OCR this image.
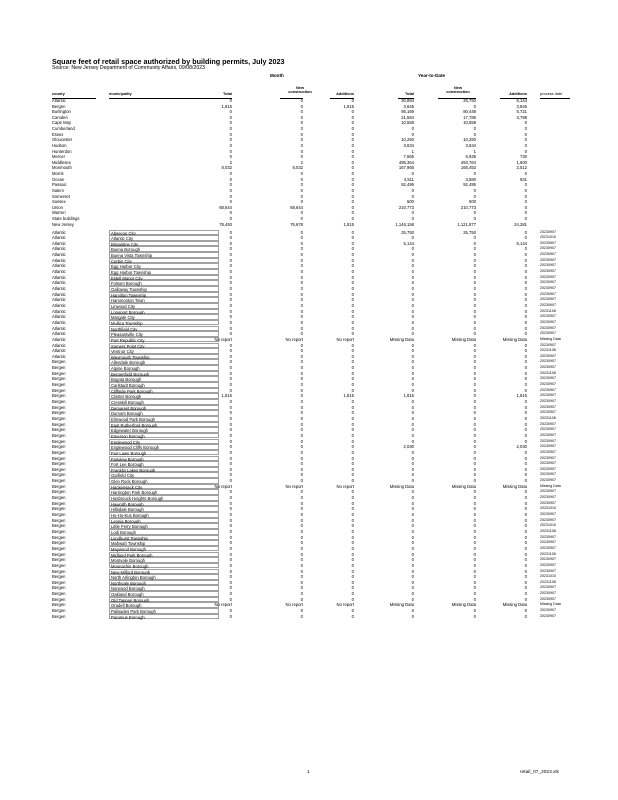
Square feet of retail space authorized by building permits, July 2023
Source: New Jersey Department of Community Affairs, 09/08/2023
Month	Year-to-Date
county	municipality	Total
New
construction	Additions	Total
New
construction	Additions	process date
Atlantic	0	0	0	30,894	25,750	5,144
Bergen	1,815	0	1,815	3,845	0	3,845
Burlington	0	0	0	86,169	80,448	5,721
Camden	0	0	0	21,584	17,786	3,798
Cape May	0	0	0	10,558	10,558	0
Cumberland	0	0	0	0	0	0
Essex	0	0	0	0	0	0
Gloucester	0	0	0	10,260	10,260	0
Hudson	0	0	0	3,634	3,634	0
Hunterdon	0	0	0	1	1	0
Mercer	0	0	0	7,665	6,935	730
Middlesex	2	2	0	495,364	493,764	1,600
Monmouth	8,032	8,032	0	167,965	165,453	2,512
Morris	0	0	0	0	0	0
Ocean	0	0	0	4,511	3,580	931
Passaic	0	0	0	92,495	92,495	0
Salem	0	0	0	0	0	0
Somerset	0	0	0	0	0	0
Sussex	0	0	0	500	500	0
Union	68,644	68,644	0	210,773	210,773	0
Warren	0	0	0	0	0	0
State buildings	0	0	0	0	0	0
New Jersey	78,493	76,678	1,815	1,146,158	1,121,877	24,281
Atlantic	Absecon City	0	0	0	25,750	25,750	0	20230907
Atlantic	Atlantic City	0	0	0	0	0	0	20231010
Atlantic	Brigantine City	0	0	0	5,144	0	5,144	20230907
Atlantic	Buena Borough	0	0	0	0	0	0	20230907
Atlantic	Buena Vista Township	0	0	0	0	0	0	20230907
Atlantic	Corbin City	0	0	0	0	0	0	20230907
Atlantic	Egg Harbor City	0	0	0	0	0	0	20230907
Atlantic	Egg Harbor Township	0	0	0	0	0	0	20230907
Atlantic	Estell Manor City	0	0	0	0	0	0	20230907
Atlantic	Folsom Borough	0	0	0	0	0	0	20230907
Atlantic	Galloway Township	0	0	0	0	0	0	20230907
Atlantic	Hamilton Township	0	0	0	0	0	0	20230907
Atlantic	Hammonton Town	0	0	0	0	0	0	20230907
Atlantic	Linwood City	0	0	0	0	0	0	20230907
Atlantic	Longport Borough	0	0	0	0	0	0	20231108
Atlantic	Margate City	0	0	0	0	0	0	20230907
Atlantic	Mullica Township	0	0	0	0	0	0	20230907
Atlantic	Northfield City	0	0	0	0	0	0	20230907
Atlantic	Pleasantville City	0	0	0	0	0	0	20230907
Atlantic	Port Republic City	No report	No report	No report	Missing Data	Missing Data	Missing Data	Missing Data
Atlantic	Somers Point City	0	0	0	0	0	0	20230907
Atlantic	Ventnor City	0	0	0	0	0	0	20231108
Atlantic	Weymouth Township	0	0	0	0	0	0	20230907
Bergen	Allendale Borough	0	0	0	0	0	0	20230907
Bergen	Alpine Borough	0	0	0	0	0	0	20230907
Bergen	Bergenfield Borough	0	0	0	0	0	0	20231108
Bergen	Bogota Borough	0	0	0	0	0	0	20230907
Bergen	Carlstadt Borough	0	0	0	0	0	0	20230907
Bergen	Cliffside Park Borough	0	0	0	0	0	0	20230907
Bergen	Closter Borough	1,815	0	1,815	1,815	0	1,815	20230907
Bergen	Cresskill Borough	0	0	0	0	0	0	20230907
Bergen	Demarest Borough	0	0	0	0	0	0	20230907
Bergen	Dumont Borough	0	0	0	0	0	0	20230907
Bergen	Elmwood Park Borough	0	0	0	0	0	0	20231108
Bergen	East Rutherford Borough	0	0	0	0	0	0	20230907
Bergen	Edgewater Borough	0	0	0	0	0	0	20230907
Bergen	Emerson Borough	0	0	0	0	0	0	20230907
Bergen	Englewood City	0	0	0	0	0	0	20230907
Bergen	Englewood Cliffs Borough	0	0	0	2,030	0	2,030	20230907
Bergen	Fair Lawn Borough	0	0	0	0	0	0	20230907
Bergen	Fairview Borough	0	0	0	0	0	0	20230907
Bergen	Fort Lee Borough	0	0	0	0	0	0	20230907
Bergen	Franklin Lakes Borough	0	0	0	0	0	0	20230907
Bergen	Garfield City	0	0	0	0	0	0	20230907
Bergen	Glen Rock Borough	0	0	0	0	0	0	20230907
Bergen	Hackensack City	No report	No report	No report	Missing Data	Missing Data	Missing Data	Missing Data
Bergen	Harrington Park Borough	0	0	0	0	0	0	20230907
Bergen	Hasbrouck Heights Borough	0	0	0	0	0	0	20230907
Bergen	Haworth Borough	0	0	0	0	0	0	20230907
Bergen	Hillsdale Borough	0	0	0	0	0	0	20231010
Bergen	Ho-Ho-Kus Borough	0	0	0	0	0	0	20230907
Bergen	Leonia Borough	0	0	0	0	0	0	20230907
Bergen	Little Ferry Borough	0	0	0	0	0	0	20231010
Bergen	Lodi Borough	0	0	0	0	0	0	20231108
Bergen	Lyndhurst Township	0	0	0	0	0	0	20230907
Bergen	Mahwah Township	0	0	0	0	0	0	20230907
Bergen	Maywood Borough	0	0	0	0	0	0	20230907
Bergen	Midland Park Borough	0	0	0	0	0	0	20231108
Bergen	Montvale Borough	0	0	0	0	0	0	20230907
Bergen	Moonachie Borough	0	0	0	0	0	0	20230907
Bergen	New Milford Borough	0	0	0	0	0	0	20230907
Bergen	North Arlington Borough	0	0	0	0	0	0	20231010
Bergen	Northvale Borough	0	0	0	0	0	0	20231108
Bergen	Norwood Borough	0	0	0	0	0	0	20230907
Bergen	Oakland Borough	0	0	0	0	0	0	20230907
Bergen	Old Tappan Borough	0	0	0	0	0	0	20230907
Bergen	Oradell Borough	No report	No report	No report	Missing Data	Missing Data	Missing Data	Missing Data
Bergen	Palisades Park Borough	0	0	0	0	0	0	20230907
Bergen	Paramus Borough	0	0	0	0	0	0	20230907
1	retail_07_2023.xls
